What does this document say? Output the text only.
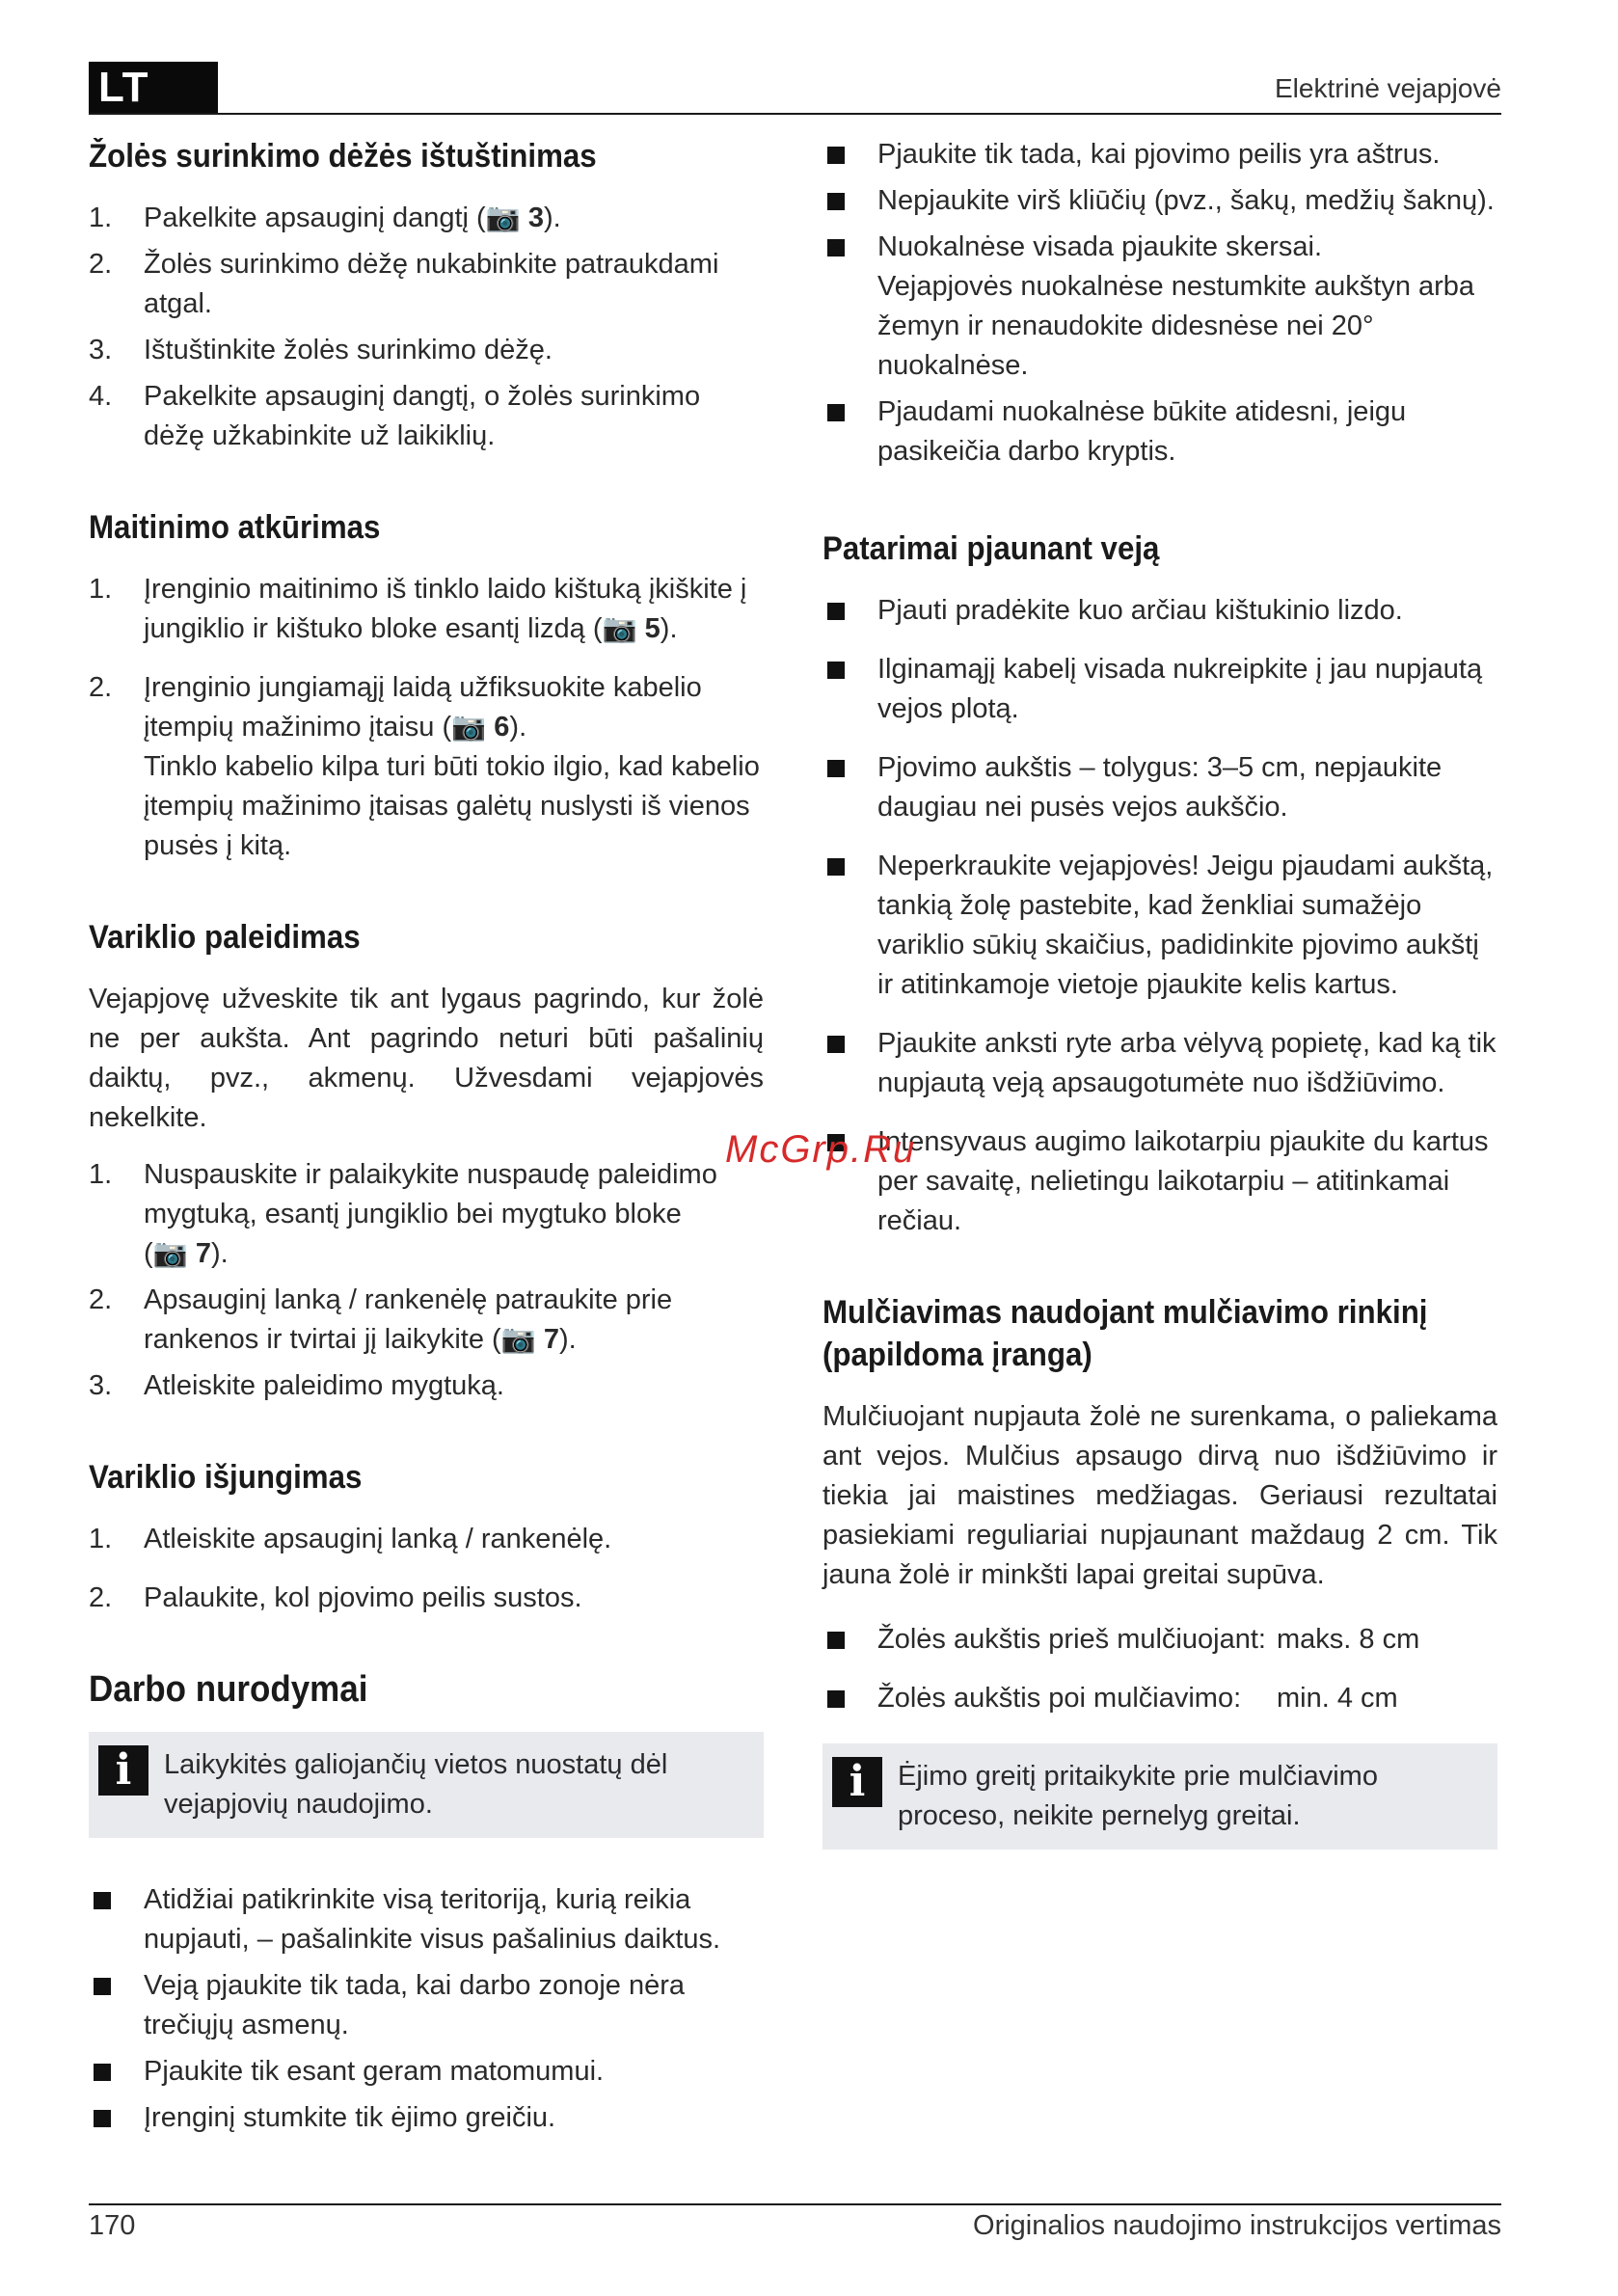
LT	Elektrinė vejapjovė
Žolės surinkimo dėžės ištuštinimas
1. Pakelkite apsauginį dangtį (📷 3).
2. Žolės surinkimo dėžę nukabinkite patraukdami atgal.
3. Ištuštinkite žolės surinkimo dėžę.
4. Pakelkite apsauginį dangtį, o žolės surinkimo dėžę užkabinkite už laikiklių.
Maitinimo atkūrimas
1. Įrenginio maitinimo iš tinklo laido kištuką įkiškite į jungiklio ir kištuko bloke esantį lizdą (📷 5).
2. Įrenginio jungiamąjį laidą užfiksuokite kabelio įtempių mažinimo įtaisu (📷 6).
Tinklo kabelio kilpa turi būti tokio ilgio, kad kabelio įtempių mažinimo įtaisas galėtų nuslysti iš vienos pusės į kitą.
Variklio paleidimas

Vejapjovę užveskite tik ant lygaus pagrindo, kur žolė ne per aukšta. Ant pagrindo neturi būti pašalinių daiktų, pvz., akmenų. Užvesdami vejapjovės nekelkite.

1. Nuspauskite ir palaikykite nuspaudę paleidimo mygtuką, esantį jungiklio bei mygtuko bloke (📷 7).
2. Apsauginį lanką / rankenėlę patraukite prie rankenos ir tvirtai jį laikykite (📷 7).
3. Atleiskite paleidimo mygtuką.
Variklio išjungimas
1. Atleiskite apsauginį lanką / rankenėlę.
2. Palaukite, kol pjovimo peilis sustos.
Darbo nurodymai
i	Laikykitės galiojančių vietos nuostatų dėl vejapjovių naudojimo.
Atidžiai patikrinkite visą teritoriją, kurią reikia nupjauti, – pašalinkite visus pašalinius daiktus.
Veją pjaukite tik tada, kai darbo zonoje nėra trečiųjų asmenų.
Pjaukite tik esant geram matomumui.
Įrenginį stumkite tik ėjimo greičiu.
Pjaukite tik tada, kai pjovimo peilis yra aštrus.
Nepjaukite virš kliūčių (pvz., šakų, medžių šaknų).
Nuokalnėse visada pjaukite skersai.
Vejapjovės nuokalnėse nestumkite aukštyn arba žemyn ir nenaudokite didesnėse nei 20° nuokalnėse.
Pjaudami nuokalnėse būkite atidesni, jeigu pasikeičia darbo kryptis.
Patarimai pjaunant veją
Pjauti pradėkite kuo arčiau kištukinio lizdo.
Ilginamąjį kabelį visada nukreipkite į jau nupjautą vejos plotą.
Pjovimo aukštis – tolygus: 3–5 cm, nepjaukite daugiau nei pusės vejos aukščio.
Neperkraukite vejapjovės! Jeigu pjaudami aukštą, tankią žolę pastebite, kad ženkliai sumažėjo variklio sūkių skaičius, padidinkite pjovimo aukštį ir atitinkamoje vietoje pjaukite kelis kartus.
Pjaukite anksti ryte arba vėlyvą popietę, kad ką tik nupjautą veją apsaugotumėte nuo išdžiūvimo.
Intensyvaus augimo laikotarpiu pjaukite du kartus per savaitę, nelietingu laikotarpiu – atitinkamai rečiau.
Mulčiavimas naudojant mulčiavimo rinkinį (papildoma įranga)

Mulčiuojant nupjauta žolė ne surenkama, o paliekama ant vejos. Mulčius apsaugo dirvą nuo išdžiūvimo ir tiekia jai maistines medžiagas. Geriausi rezultatai pasiekiami reguliariai nupjaunant maždaug 2 cm. Tik jauna žolė ir minkšti lapai greitai supūva.

Žolės aukštis prieš mulčiuojant: maks. 8 cm
Žolės aukštis poi mulčiavimo:	min. 4 cm
i	Ėjimo greitį pritaikykite prie mulčiavimo proceso, neikite pernelyg greitai.
McGrp.Ru
170	Originalios naudojimo instrukcijos vertimas
